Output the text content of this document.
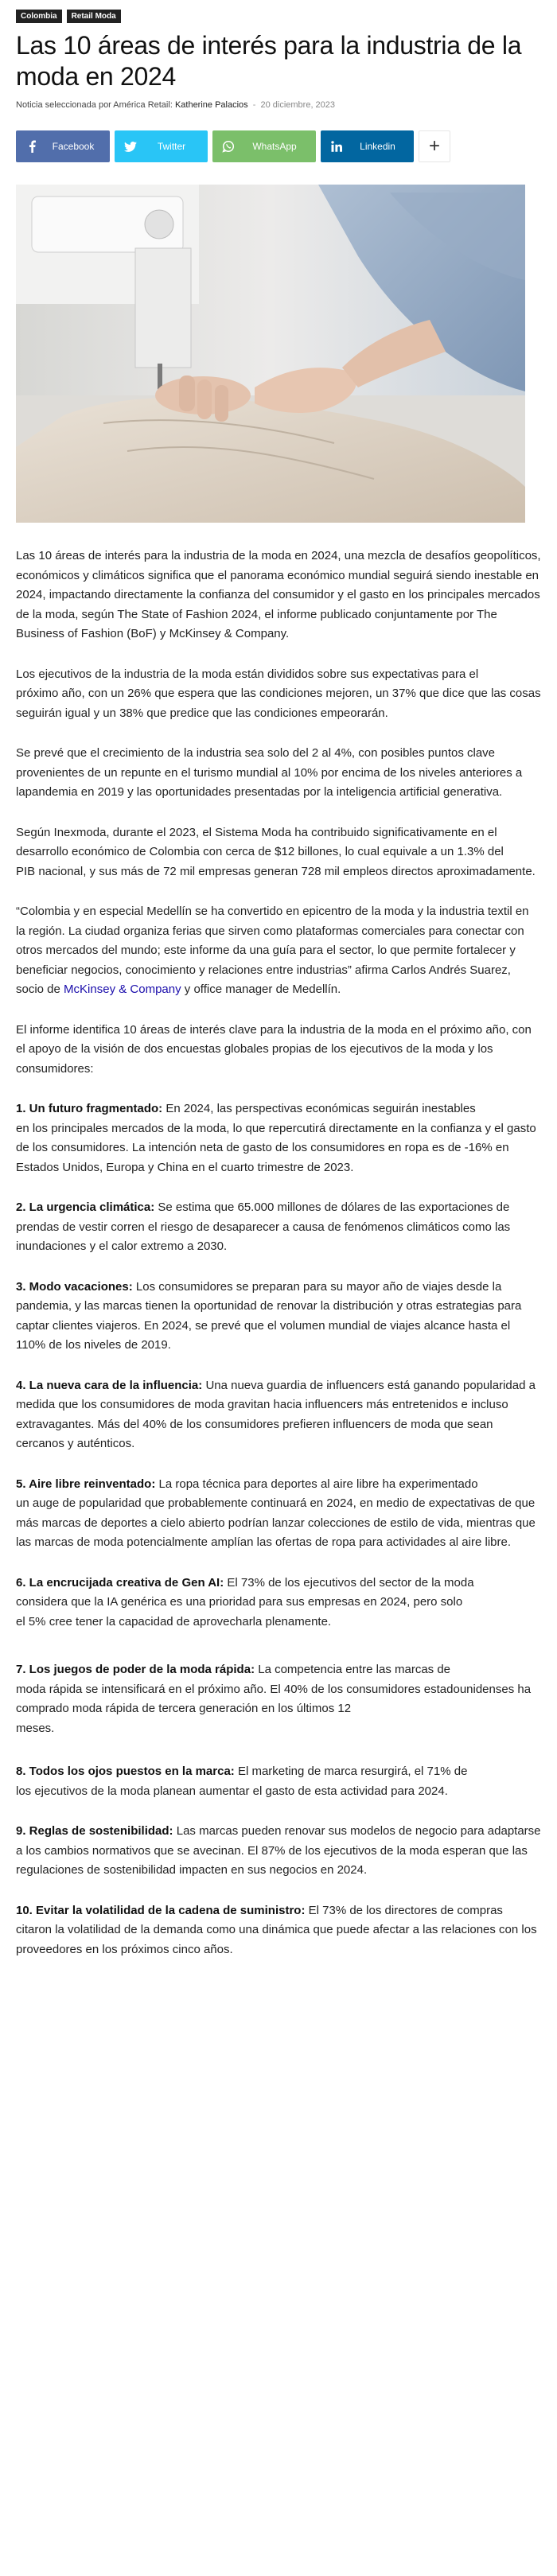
Colombia	Retail Moda
Las 10 áreas de interés para la industria de la moda en 2024
Noticia seleccionada por América Retail: Katherine Palacios - 20 diciembre, 2023
Facebook	Twitter	WhatsApp	Linkedin	+

Las 10 áreas de interés para la industria de la moda en 2024, una mezcla de desafíos geopolíticos, económicos y climáticos significa que el panorama económico mundial seguirá siendo inestable en 2024, impactando directamente la confianza del consumidor y el gasto en los principales mercados de la moda, según The State of Fashion 2024, el informe publicado conjuntamente por The Business of Fashion (BoF) y McKinsey & Company.

Los ejecutivos de la industria de la moda están divididos sobre sus expectativas para el
próximo año, con un 26% que espera que las condiciones mejoren, un 37% que dice que las cosas seguirán igual y un 38% que predice que las condiciones empeorarán.

Se prevé que el crecimiento de la industria sea solo del 2 al 4%, con posibles puntos clave provenientes de un repunte en el turismo mundial al 10% por encima de los niveles anteriores a lapandemia en 2019 y las oportunidades presentadas por la inteligencia artificial generativa.

Según Inexmoda, durante el 2023, el Sistema Moda ha contribuido significativamente en el
desarrollo económico de Colombia con cerca de $12 billones, lo cual equivale a un 1.3% del
PIB nacional, y sus más de 72 mil empresas generan 728 mil empleos directos aproximadamente.

“Colombia y en especial Medellín se ha convertido en epicentro de la moda y la industria textil en la región. La ciudad organiza ferias que sirven como plataformas comerciales para conectar con otros mercados del mundo; este informe da una guía para el sector, lo que permite fortalecer y beneficiar negocios, conocimiento y relaciones entre industrias” afirma Carlos Andrés Suarez, socio de McKinsey & Company y office manager de Medellín.

El informe identifica 10 áreas de interés clave para la industria de la moda en el próximo año, con el apoyo de la visión de dos encuestas globales propias de los ejecutivos de la moda y los consumidores:

1. Un futuro fragmentado: En 2024, las perspectivas económicas seguirán inestables
en los principales mercados de la moda, lo que repercutirá directamente en la confianza y el gasto de los consumidores. La intención neta de gasto de los consumidores en ropa es de -16% en Estados Unidos, Europa y China en el cuarto trimestre de 2023.

2. La urgencia climática: Se estima que 65.000 millones de dólares de las exportaciones de prendas de vestir corren el riesgo de desaparecer a causa de fenómenos climáticos como las inundaciones y el calor extremo a 2030.

3. Modo vacaciones: Los consumidores se preparan para su mayor año de viajes desde la pandemia, y las marcas tienen la oportunidad de renovar la distribución y otras estrategias para captar clientes viajeros. En 2024, se prevé que el volumen mundial de viajes alcance hasta el 110% de los niveles de 2019.

4. La nueva cara de la influencia: Una nueva guardia de influencers está ganando popularidad a medida que los consumidores de moda gravitan hacia influencers más entretenidos e incluso extravagantes. Más del 40% de los consumidores prefieren influencers de moda que sean cercanos y auténticos.

5. Aire libre reinventado: La ropa técnica para deportes al aire libre ha experimentado
un auge de popularidad que probablemente continuará en 2024, en medio de expectativas de que más marcas de deportes a cielo abierto podrían lanzar colecciones de estilo de vida, mientras que las marcas de moda potencialmente amplían las ofertas de ropa para actividades al aire libre.

6. La encrucijada creativa de Gen AI: El 73% de los ejecutivos del sector de la moda
considera que la IA genérica es una prioridad para sus empresas en 2024, pero solo
el 5% cree tener la capacidad de aprovecharla plenamente.

7. Los juegos de poder de la moda rápida: La competencia entre las marcas de
moda rápida se intensificará en el próximo año. El 40% de los consumidores estadounidenses ha comprado moda rápida de tercera generación en los últimos 12
meses.

8. Todos los ojos puestos en la marca: El marketing de marca resurgirá, el 71% de
los ejecutivos de la moda planean aumentar el gasto de esta actividad para 2024.

9. Reglas de sostenibilidad: Las marcas pueden renovar sus modelos de negocio para adaptarse a los cambios normativos que se avecinan. El 87% de los ejecutivos de la moda esperan que las regulaciones de sostenibilidad impacten en sus negocios en 2024.

10. Evitar la volatilidad de la cadena de suministro: El 73% de los directores de compras citaron la volatilidad de la demanda como una dinámica que puede afectar a las relaciones con los proveedores en los próximos cinco años.
